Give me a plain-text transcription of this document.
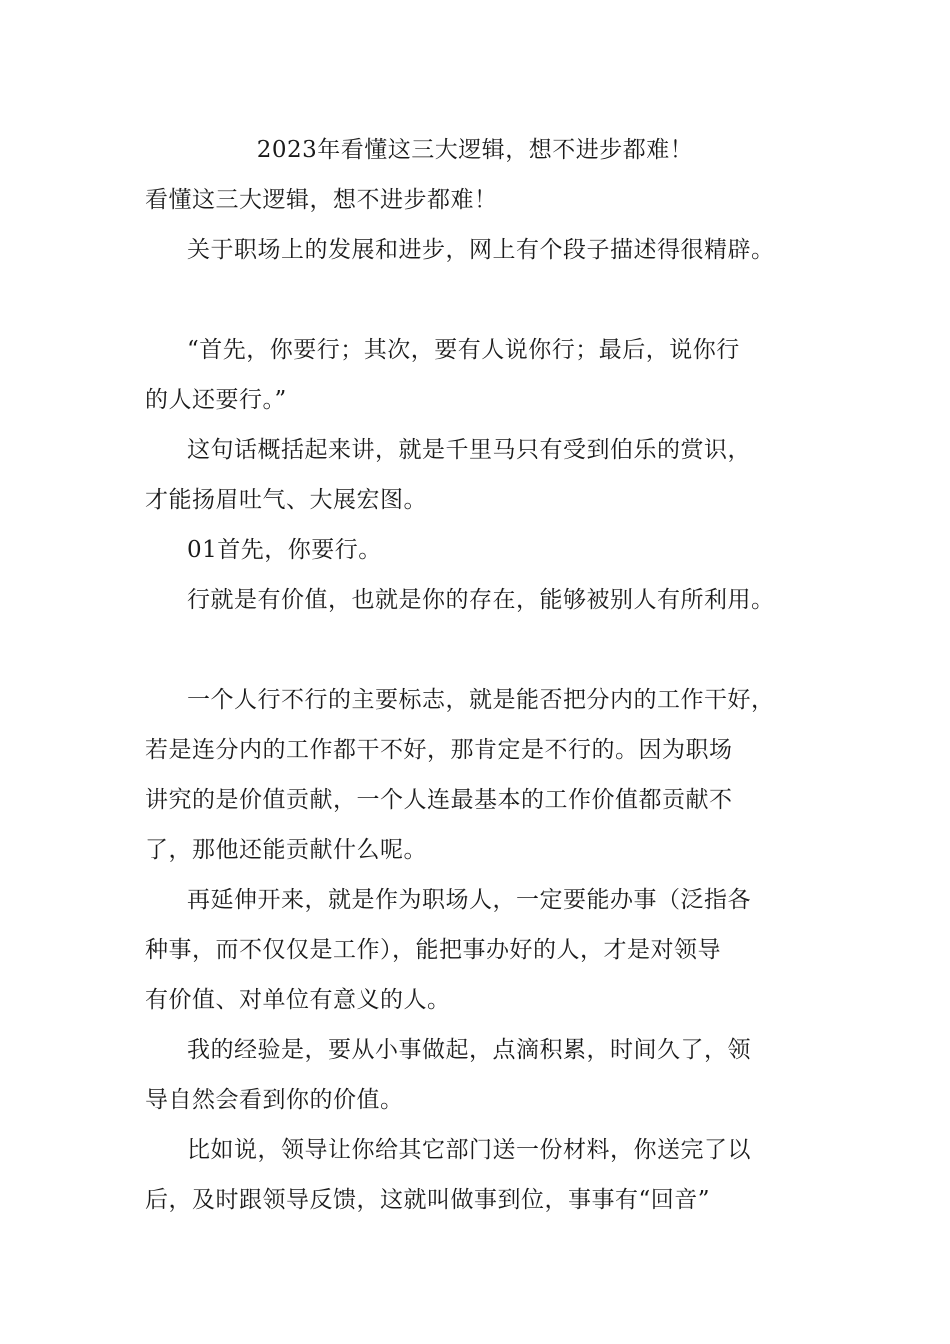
2023年看懂这三大逻辑，想不进步都难！
看懂这三大逻辑，想不进步都难！
关于职场上的发展和进步，网上有个段子描述得很精辟。
“首先，你要行；其次，要有人说你行；最后，说你行
的人还要行。”
这句话概括起来讲，就是千里马只有受到伯乐的赏识，
才能扬眉吐气、大展宏图。
01首先，你要行。
行就是有价值，也就是你的存在，能够被别人有所利用。
一个人行不行的主要标志，就是能否把分内的工作干好，
若是连分内的工作都干不好，那肯定是不行的。因为职场
讲究的是价值贡献，一个人连最基本的工作价值都贡献不
了，那他还能贡献什么呢。
再延伸开来，就是作为职场人，一定要能办事（泛指各
种事，而不仅仅是工作），能把事办好的人，才是对领导
有价值、对单位有意义的人。
我的经验是，要从小事做起，点滴积累，时间久了，领
导自然会看到你的价值。
比如说，领导让你给其它部门送一份材料，你送完了以
后，及时跟领导反馈，这就叫做事到位，事事有“回音”
